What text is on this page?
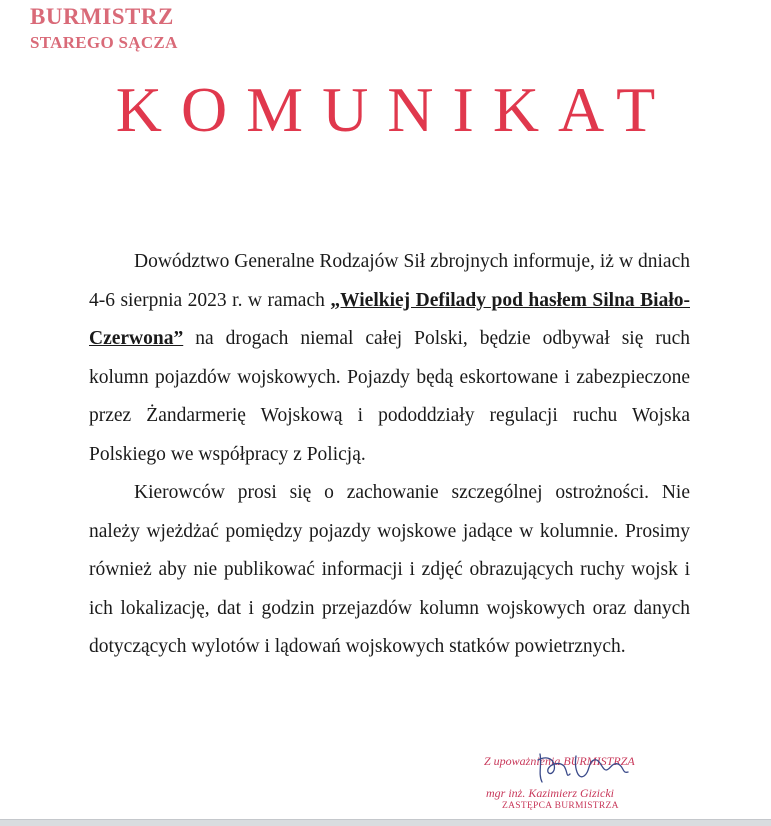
BURMISTRZ
STAREGO SĄCZA
KOMUNIKAT

Dowództwo Generalne Rodzajów Sił zbrojnych informuje, iż w dniach 4-6 sierpnia 2023 r. w ramach „Wielkiej Defilady pod hasłem Silna Biało-Czerwona” na drogach niemal całej Polski, będzie odbywał się ruch kolumn pojazdów wojskowych. Pojazdy będą eskortowane i zabezpieczone przez Żandarmerię Wojskową i pododdziały regulacji ruchu Wojska Polskiego we współpracy z Policją.

Kierowców prosi się o zachowanie szczególnej ostrożności. Nie należy wjeżdżać pomiędzy pojazdy wojskowe jadące w kolumnie. Prosimy również aby nie publikować informacji i zdjęć obrazujących ruchy wojsk i ich lokalizację, dat i godzin przejazdów kolumn wojskowych oraz danych dotyczących wylotów i lądowań wojskowych statków powietrznych.

Z upoważnienia BURMISTRZA
mgr inż. Kazimierz Gizicki
ZASTĘPCA BURMISTRZA
